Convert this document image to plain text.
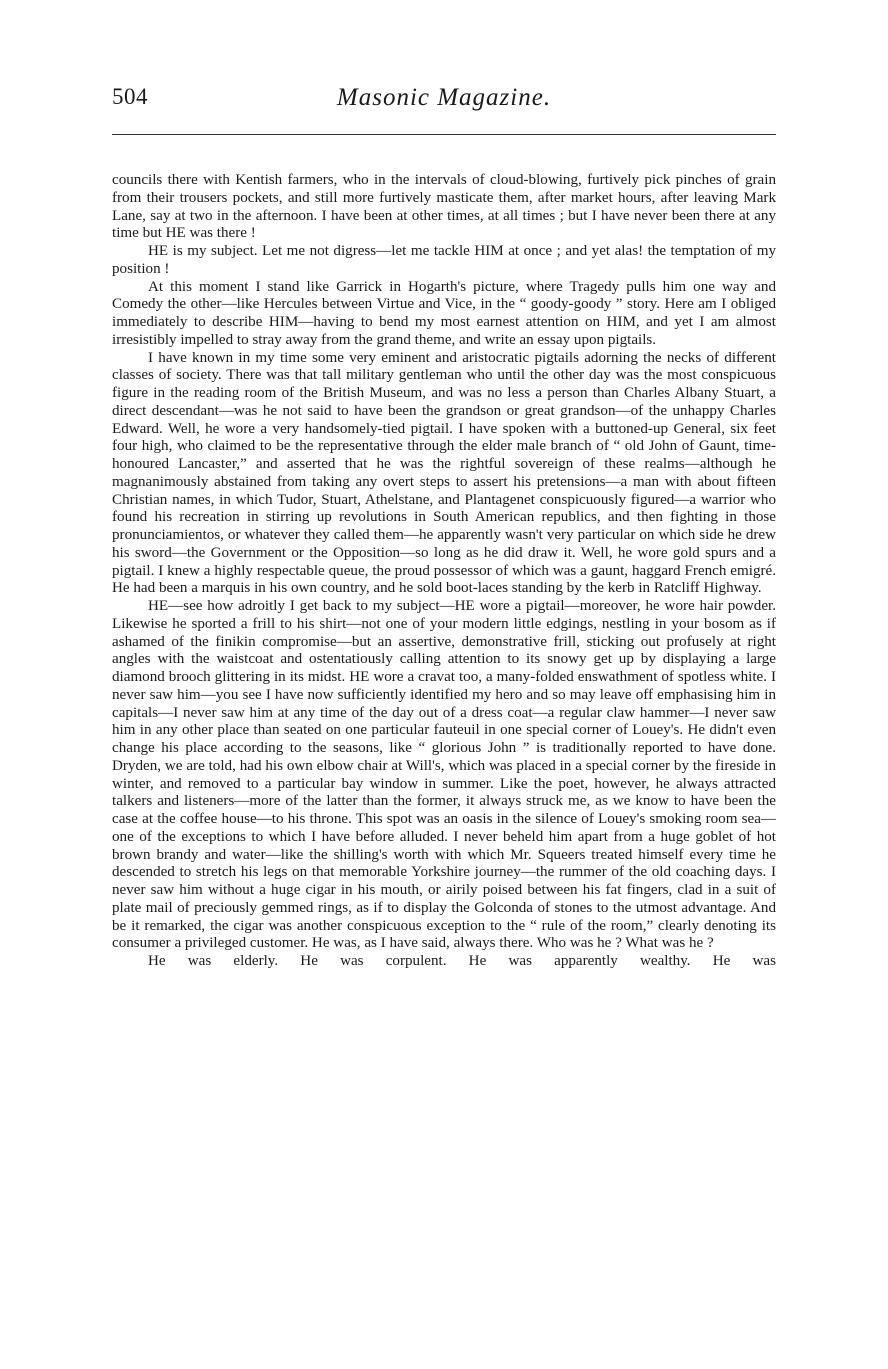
504	Masonic Magazine.

councils there with Kentish farmers, who in the intervals of cloud-blowing, furtively pick pinches of grain from their trousers pockets, and still more furtively masticate them, after market hours, after leaving Mark Lane, say at two in the afternoon. I have been at other times, at all times ; but I have never been there at any time but HE was there !

HE is my subject. Let me not digress—let me tackle HIM at once ; and yet alas! the temptation of my position !

At this moment I stand like Garrick in Hogarth's picture, where Tragedy pulls him one way and Comedy the other—like Hercules between Virtue and Vice, in the “ goody-goody ” story. Here am I obliged immediately to describe HIM—having to bend my most earnest attention on HIM, and yet I am almost irresistibly impelled to stray away from the grand theme, and write an essay upon pigtails.

I have known in my time some very eminent and aristocratic pigtails adorning the necks of different classes of society. There was that tall military gentleman who until the other day was the most conspicuous figure in the reading room of the British Museum, and was no less a person than Charles Albany Stuart, a direct descendant—was he not said to have been the grandson or great grandson—of the unhappy Charles Edward. Well, he wore a very handsomely-tied pigtail. I have spoken with a buttoned-up General, six feet four high, who claimed to be the representative through the elder male branch of “ old John of Gaunt, time-honoured Lancaster,” and asserted that he was the rightful sovereign of these realms—although he magnanimously abstained from taking any overt steps to assert his pretensions—a man with about fifteen Christian names, in which Tudor, Stuart, Athelstane, and Plantagenet conspicuously figured—a warrior who found his recreation in stirring up revolutions in South American republics, and then fighting in those pronunciamientos, or whatever they called them—he apparently wasn't very particular on which side he drew his sword—the Government or the Opposition—so long as he did draw it. Well, he wore gold spurs and a pigtail. I knew a highly respectable queue, the proud possessor of which was a gaunt, haggard French emigré. He had been a marquis in his own country, and he sold boot-laces standing by the kerb in Ratcliff Highway.

HE—see how adroitly I get back to my subject—HE wore a pigtail—moreover, he wore hair powder. Likewise he sported a frill to his shirt—not one of your modern little edgings, nestling in your bosom as if ashamed of the finikin compromise—but an assertive, demonstrative frill, sticking out profusely at right angles with the waistcoat and ostentatiously calling attention to its snowy get up by displaying a large diamond brooch glittering in its midst. HE wore a cravat too, a many-folded enswathment of spotless white. I never saw him—you see I have now sufficiently identified my hero and so may leave off emphasising him in capitals—I never saw him at any time of the day out of a dress coat—a regular claw hammer—I never saw him in any other place than seated on one particular fauteuil in one special corner of Louey's. He didn't even change his place according to the seasons, like “ glorious John ” is traditionally reported to have done. Dryden, we are told, had his own elbow chair at Will's, which was placed in a special corner by the fireside in winter, and removed to a particular bay window in summer. Like the poet, however, he always attracted talkers and listeners—more of the latter than the former, it always struck me, as we know to have been the case at the coffee house—to his throne. This spot was an oasis in the silence of Louey's smoking room sea—one of the exceptions to which I have before alluded. I never beheld him apart from a huge goblet of hot brown brandy and water—like the shilling's worth with which Mr. Squeers treated himself every time he descended to stretch his legs on that memorable Yorkshire journey—the rummer of the old coaching days. I never saw him without a huge cigar in his mouth, or airily poised between his fat fingers, clad in a suit of plate mail of preciously gemmed rings, as if to display the Golconda of stones to the utmost advantage. And be it remarked, the cigar was another conspicuous exception to the “ rule of the room,” clearly denoting its consumer a privileged customer. He was, as I have said, always there. Who was he ? What was he ?

He was elderly. He was corpulent. He was apparently wealthy. He was
